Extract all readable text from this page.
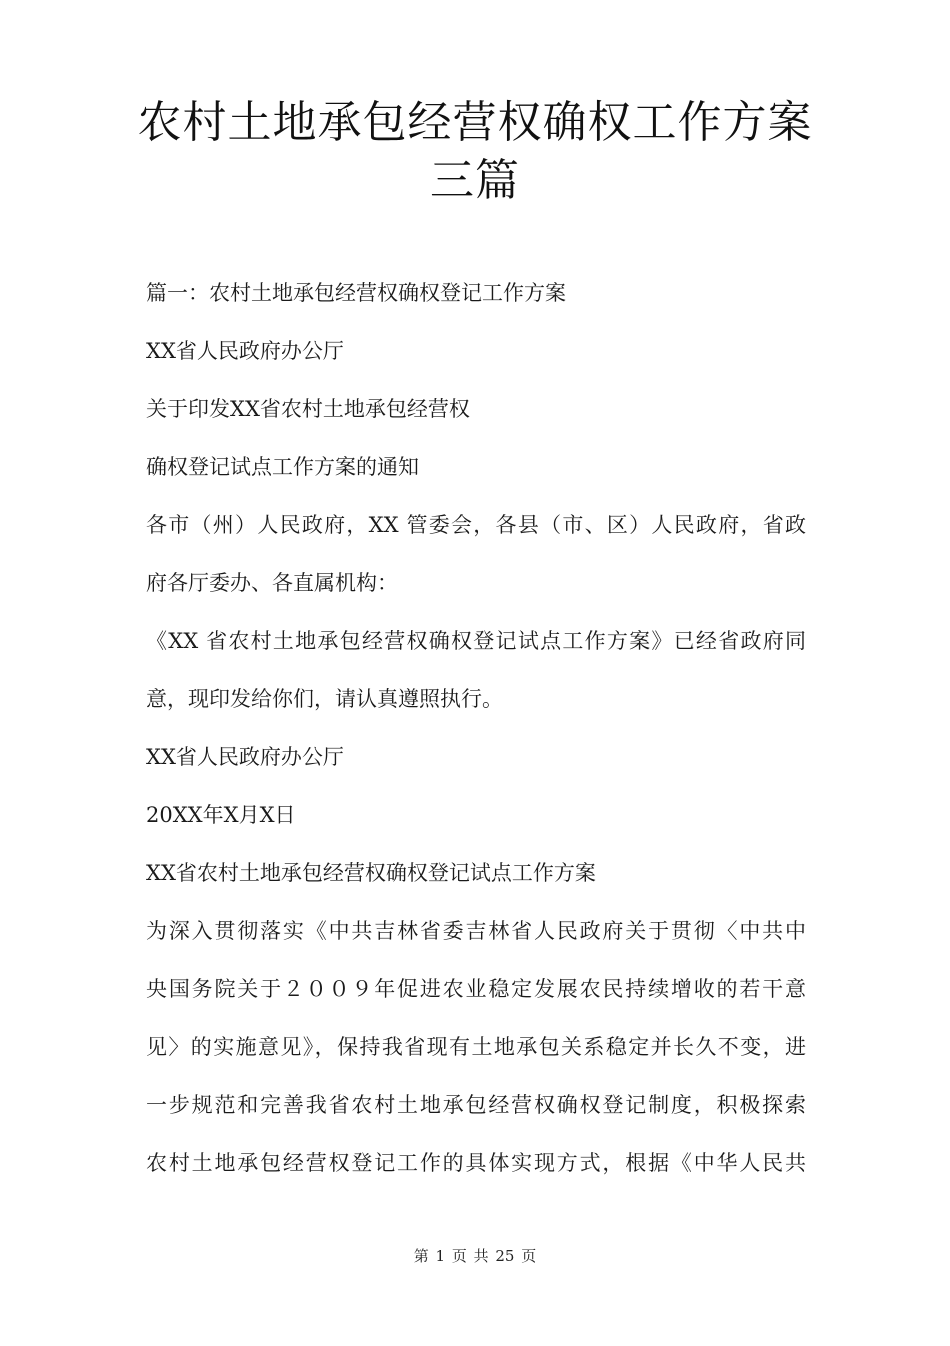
农村土地承包经营权确权工作方案
三篇
篇一：农村土地承包经营权确权登记工作方案
XX省人民政府办公厅
关于印发XX省农村土地承包经营权
确权登记试点工作方案的通知
各市（州）人民政府，XX 管委会，各县（市、区）人民政府，省政
府各厅委办、各直属机构：
《XX 省农村土地承包经营权确权登记试点工作方案》已经省政府同
意，现印发给你们，请认真遵照执行。
XX省人民政府办公厅
20XX年X月X日
XX省农村土地承包经营权确权登记试点工作方案
为深入贯彻落实《中共吉林省委吉林省人民政府关于贯彻〈中共中
央国务院关于２００９年促进农业稳定发展农民持续增收的若干意
见〉的实施意见》，保持我省现有土地承包关系稳定并长久不变，进
一步规范和完善我省农村土地承包经营权确权登记制度，积极探索
农村土地承包经营权登记工作的具体实现方式，根据《中华人民共
第 1 页 共 25 页
